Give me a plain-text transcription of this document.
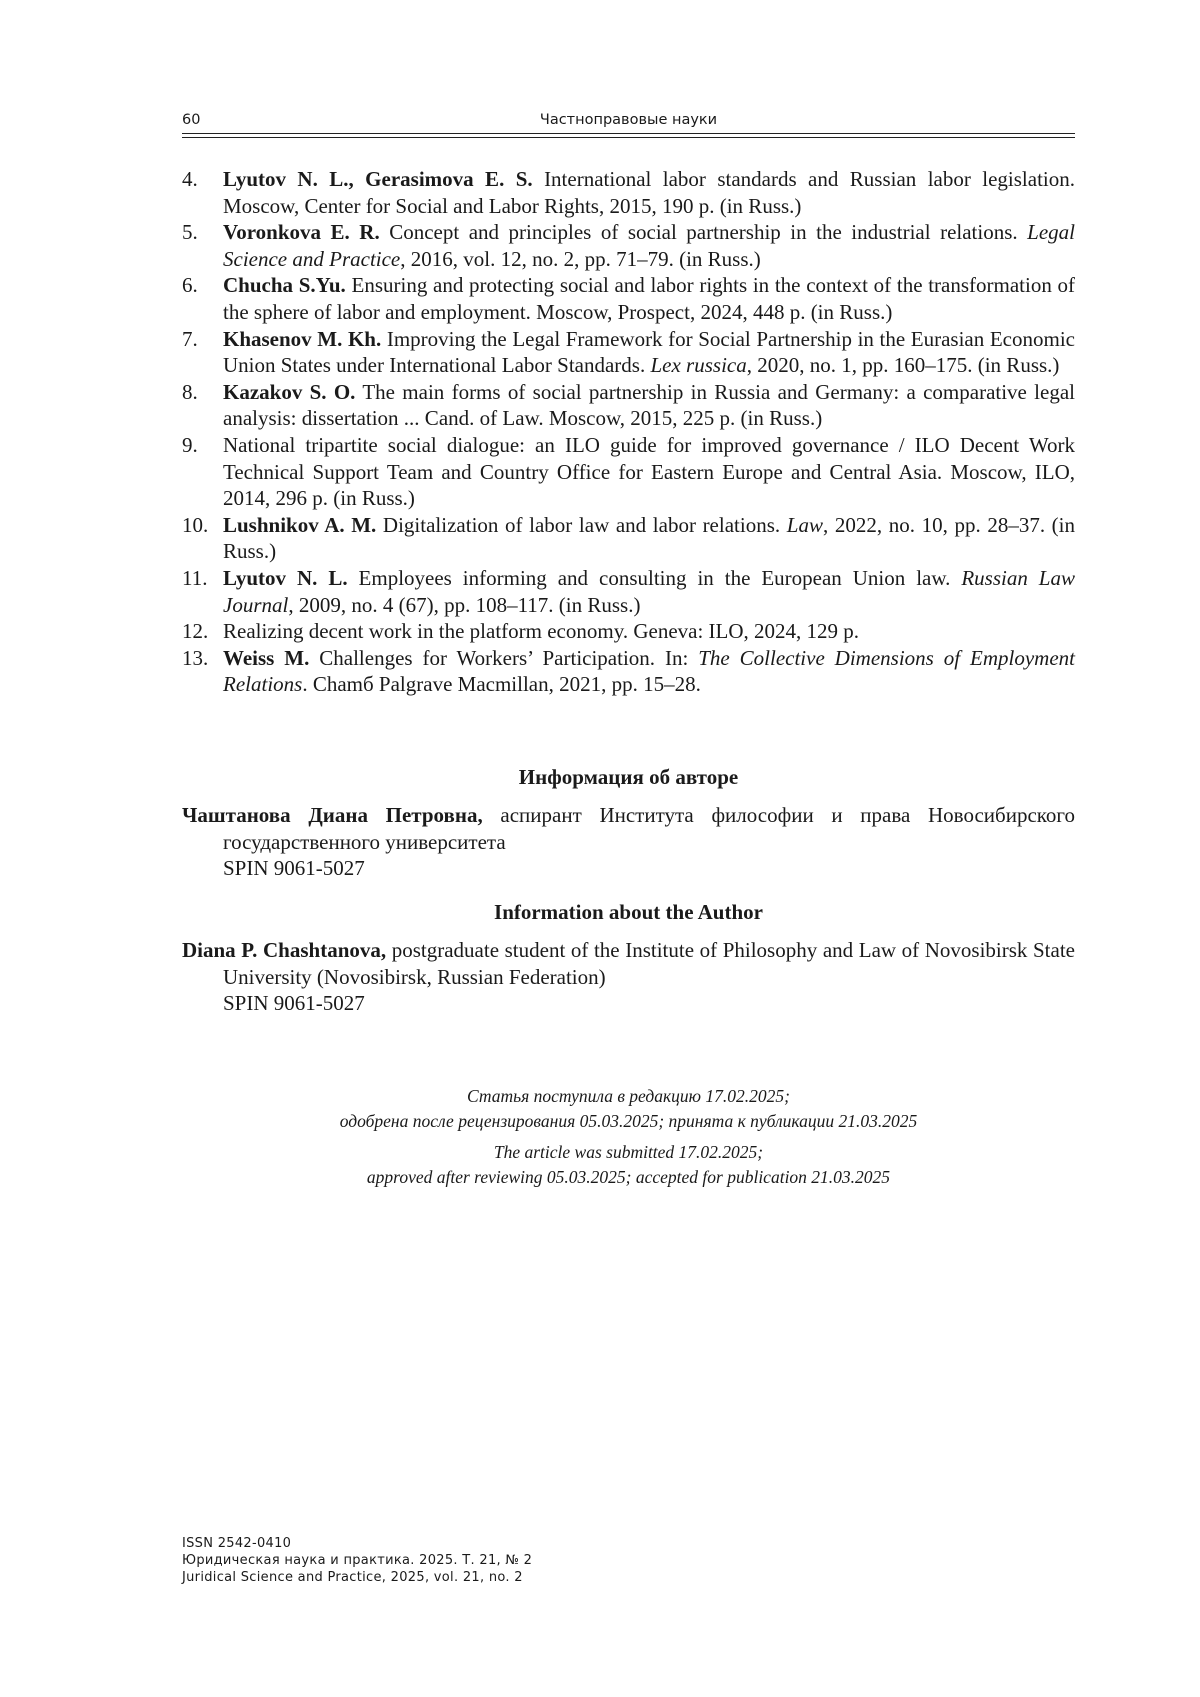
60	Частноправовые науки
4. Lyutov N. L., Gerasimova E. S. International labor standards and Russian labor legislation. Moscow, Center for Social and Labor Rights, 2015, 190 p. (in Russ.)
5. Voronkova E. R. Concept and principles of social partnership in the industrial relations. Legal Science and Practice, 2016, vol. 12, no. 2, pp. 71–79. (in Russ.)
6. Chucha S.Yu. Ensuring and protecting social and labor rights in the context of the transformation of the sphere of labor and employment. Moscow, Prospect, 2024, 448 p. (in Russ.)
7. Khasenov M. Kh. Improving the Legal Framework for Social Partnership in the Eurasian Economic Union States under International Labor Standards. Lex russica, 2020, no. 1, pp. 160–175. (in Russ.)
8. Kazakov S. O. The main forms of social partnership in Russia and Germany: a comparative legal analysis: dissertation ... Cand. of Law. Moscow, 2015, 225 p. (in Russ.)
9. National tripartite social dialogue: an ILO guide for improved governance / ILO Decent Work Technical Support Team and Country Office for Eastern Europe and Central Asia. Moscow, ILO, 2014, 296 p. (in Russ.)
10. Lushnikov A. M. Digitalization of labor law and labor relations. Law, 2022, no. 10, pp. 28–37. (in Russ.)
11. Lyutov N. L. Employees informing and consulting in the European Union law. Russian Law Journal, 2009, no. 4 (67), pp. 108–117. (in Russ.)
12. Realizing decent work in the platform economy. Geneva: ILO, 2024, 129 p.
13. Weiss M. Challenges for Workers’ Participation. In: The Collective Dimensions of Employment Relations. Chamб Palgrave Macmillan, 2021, pp. 15–28.
Информация об авторе
Чаштанова Диана Петровна, аспирант Института философии и права Новосибирского государственного университета
SPIN 9061-5027
Information about the Author
Diana P. Chashtanova, postgraduate student of the Institute of Philosophy and Law of Novosibirsk State University (Novosibirsk, Russian Federation)
SPIN 9061-5027
Статья поступила в редакцию 17.02.2025;
одобрена после рецензирования 05.03.2025; принята к публикации 21.03.2025
The article was submitted 17.02.2025;
approved after reviewing 05.03.2025; accepted for publication 21.03.2025
ISSN 2542-0410
Юридическая наука и практика. 2025. Т. 21, № 2
Juridical Science and Practice, 2025, vol. 21, no. 2
